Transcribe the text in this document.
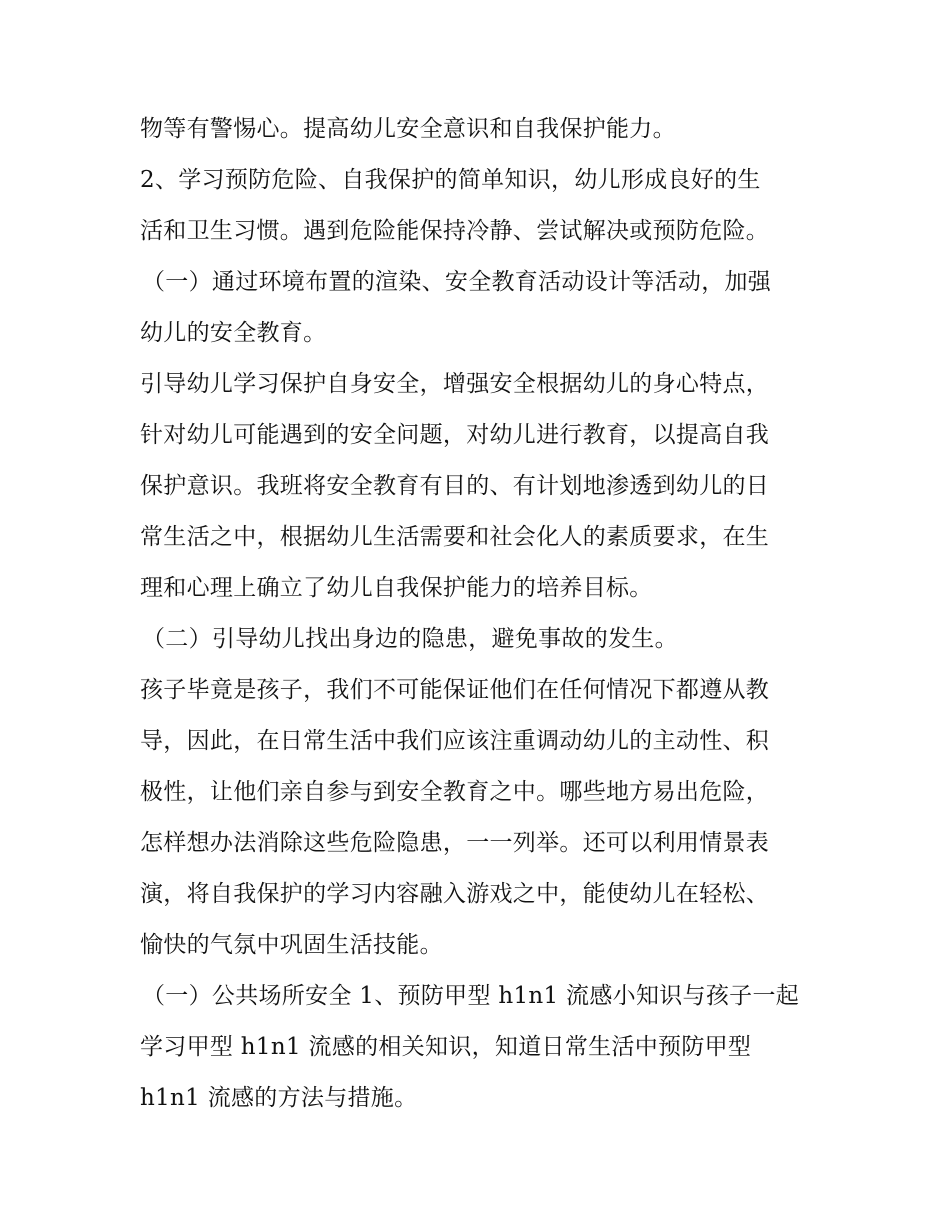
物等有警惕心。提高幼儿安全意识和自我保护能力。
2、学习预防危险、自我保护的简单知识，幼儿形成良好的生
活和卫生习惯。遇到危险能保持冷静、尝试解决或预防危险。
（一）通过环境布置的渲染、安全教育活动设计等活动，加强
幼儿的安全教育。
引导幼儿学习保护自身安全，增强安全根据幼儿的身心特点，
针对幼儿可能遇到的安全问题，对幼儿进行教育，以提高自我
保护意识。我班将安全教育有目的、有计划地渗透到幼儿的日
常生活之中，根据幼儿生活需要和社会化人的素质要求，在生
理和心理上确立了幼儿自我保护能力的培养目标。
（二）引导幼儿找出身边的隐患，避免事故的发生。
孩子毕竟是孩子，我们不可能保证他们在任何情况下都遵从教
导，因此，在日常生活中我们应该注重调动幼儿的主动性、积
极性，让他们亲自参与到安全教育之中。哪些地方易出危险，
怎样想办法消除这些危险隐患，一一列举。还可以利用情景表
演，将自我保护的学习内容融入游戏之中，能使幼儿在轻松、
愉快的气氛中巩固生活技能。
（一）公共场所安全 1、预防甲型 h1n1 流感小知识与孩子一起
学习甲型 h1n1 流感的相关知识，知道日常生活中预防甲型
h1n1 流感的方法与措施。
